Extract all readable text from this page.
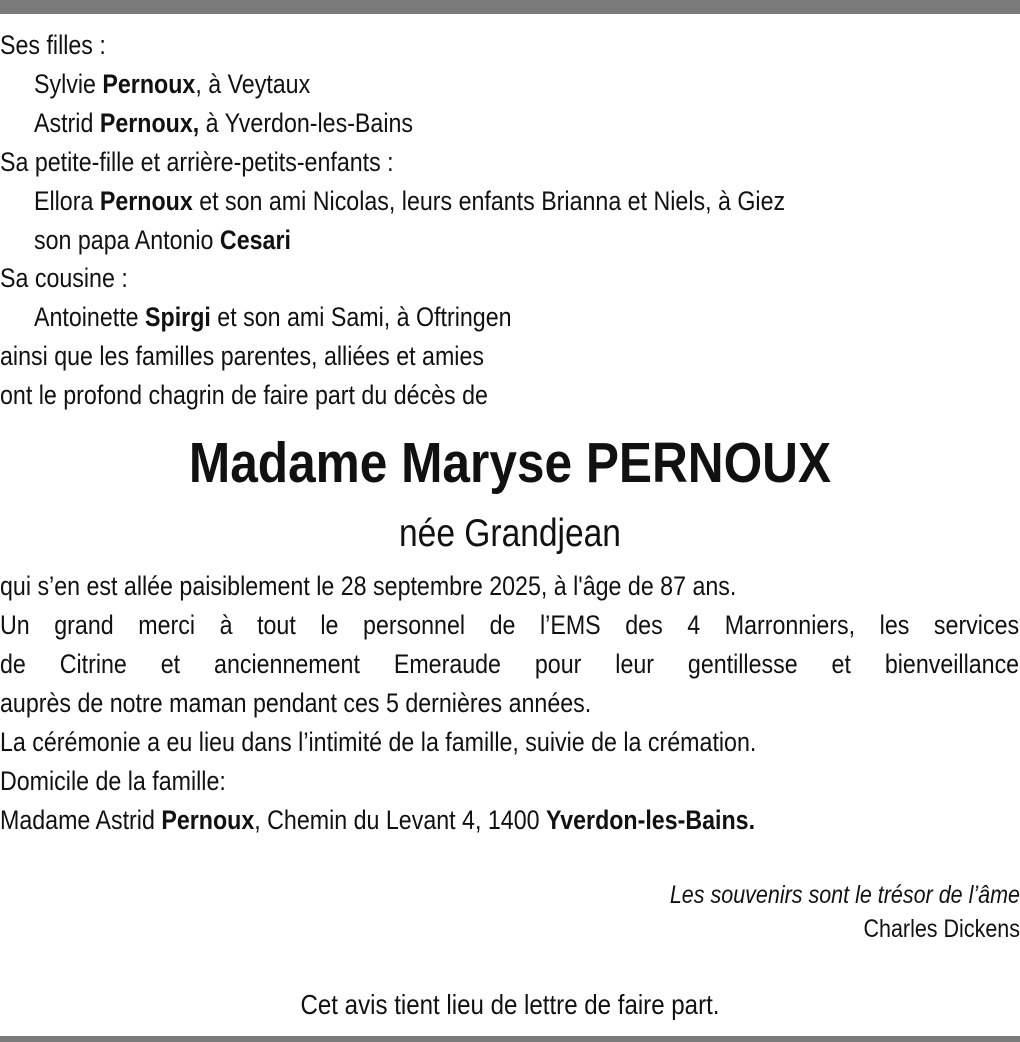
Ses filles :

Sylvie Pernoux, à Veytaux

Astrid Pernoux, à Yverdon-les-Bains

Sa petite-fille et arrière-petits-enfants :

Ellora Pernoux et son ami Nicolas, leurs enfants Brianna et Niels, à Giez

son papa Antonio Cesari

Sa cousine :

Antoinette Spirgi et son ami Sami, à Oftringen

ainsi que les familles parentes, alliées et amies

ont le profond chagrin de faire part du décès de

Madame Maryse PERNOUX
née Grandjean

qui s’en est allée paisiblement le 28 septembre 2025, à l'âge de 87 ans.

Un grand merci à tout le personnel de l’EMS des 4 Marronniers, les services

de Citrine et anciennement Emeraude pour leur gentillesse et bienveillance

auprès de notre maman pendant ces 5 dernières années.

La cérémonie a eu lieu dans l’intimité de la famille, suivie de la crémation.

Domicile de la famille:

Madame Astrid Pernoux, Chemin du Levant 4, 1400 Yverdon-les-Bains.

Les souvenirs sont le trésor de l’âme
Charles Dickens
Cet avis tient lieu de lettre de faire part.
